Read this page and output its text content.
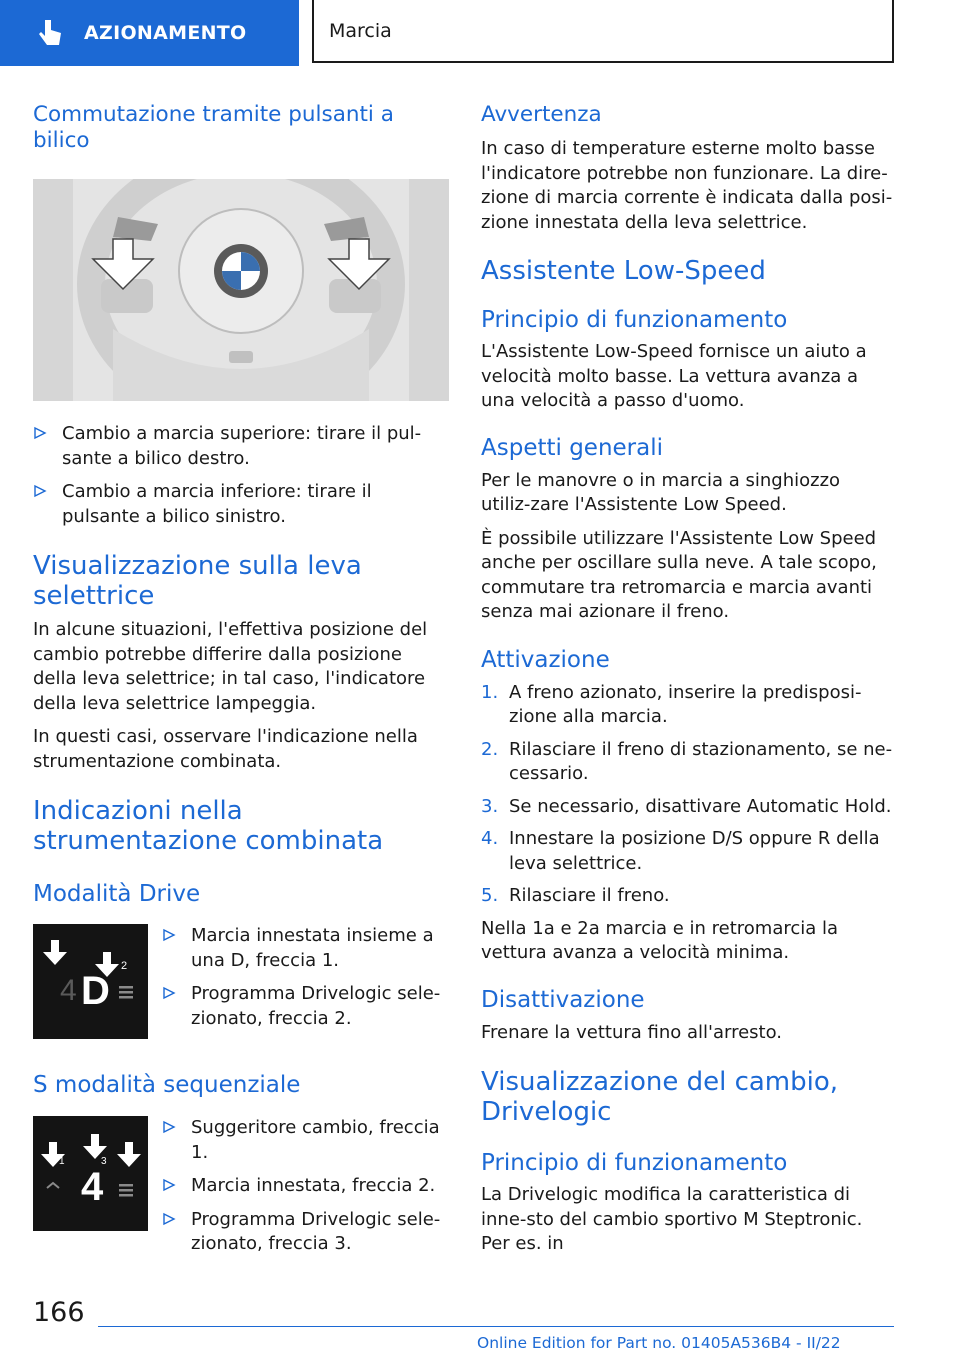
AZIONAMENTO	Marcia
Commutazione tramite pulsanti a bilico
Cambio a marcia superiore: tirare il pul-sante a bilico destro.
Cambio a marcia inferiore: tirare il pulsante a bilico sinistro.
Visualizzazione sulla leva selettrice

In alcune situazioni, l'effettiva posizione del cambio potrebbe differire dalla posizione della leva selettrice; in tal caso, l'indicatore della leva selettrice lampeggia.

In questi casi, osservare l'indicazione nella strumentazione combinata.

Indicazioni nella strumentazione combinata
Modalità Drive
4 D
2
Marcia innestata insieme a una D, freccia 1.
Programma Drivelogic sele-zionato, freccia 2.
S modalità sequenziale
1
2
3
4
Suggeritore cambio, freccia 1.
Marcia innestata, freccia 2.
Programma Drivelogic sele-zionato, freccia 3.
Avvertenza

In caso di temperature esterne molto basse l'indicatore potrebbe non funzionare. La dire-zione di marcia corrente è indicata dalla posi-zione innestata della leva selettrice.

Assistente Low-Speed
Principio di funzionamento

L'Assistente Low-Speed fornisce un aiuto a velocità molto basse. La vettura avanza a una velocità a passo d'uomo.

Aspetti generali

Per le manovre o in marcia a singhiozzo utiliz-zare l'Assistente Low Speed.

È possibile utilizzare l'Assistente Low Speed anche per oscillare sulla neve. A tale scopo, commutare tra retromarcia e marcia avanti senza mai azionare il freno.

Attivazione
1. A freno azionato, inserire la predisposi-zione alla marcia.
2. Rilasciare il freno di stazionamento, se ne-cessario.
3. Se necessario, disattivare Automatic Hold.
4. Innestare la posizione D/S oppure R della leva selettrice.
5. Rilasciare il freno.

Nella 1a e 2a marcia e in retromarcia la vettura avanza a velocità minima.

Disattivazione

Frenare la vettura fino all'arresto.

Visualizzazione del cambio, Drivelogic
Principio di funzionamento

La Drivelogic modifica la caratteristica di inne-sto del cambio sportivo M Steptronic. Per es. in

166
Online Edition for Part no. 01405A536B4 - II/22
